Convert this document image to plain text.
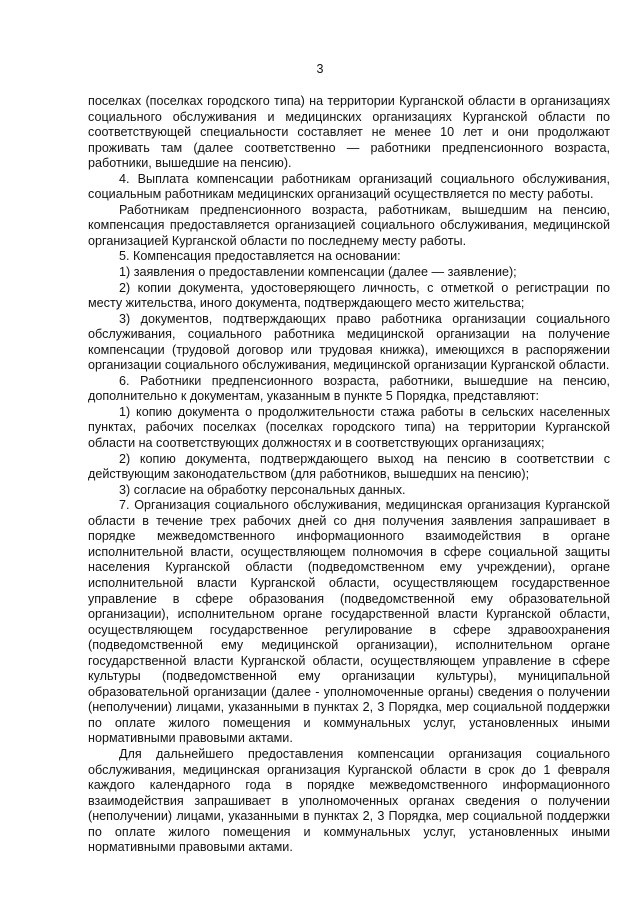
3

поселках (поселках городского типа) на территории Курганской области в организациях социального обслуживания и медицинских организациях Курганской области по соответствующей специальности составляет не менее 10 лет и они продолжают проживать там (далее соответственно — работники предпенсионного возраста, работники, вышедшие на пенсию).

4. Выплата компенсации работникам организаций социального обслуживания, социальным работникам медицинских организаций осуществляется по месту работы.

Работникам предпенсионного возраста, работникам, вышедшим на пенсию, компенсация предоставляется организацией социального обслуживания, медицинской организацией Курганской области по последнему месту работы.

5. Компенсация предоставляется на основании:

1) заявления о предоставлении компенсации (далее — заявление);

2) копии документа, удостоверяющего личность, с отметкой о регистрации по месту жительства, иного документа, подтверждающего место жительства;

3) документов, подтверждающих право работника организации социального обслуживания, социального работника медицинской организации на получение компенсации (трудовой договор или трудовая книжка), имеющихся в распоряжении организации социального обслуживания, медицинской организации Курганской области.

6. Работники предпенсионного возраста, работники, вышедшие на пенсию, дополнительно к документам, указанным в пункте 5 Порядка, представляют:

1) копию документа о продолжительности стажа работы в сельских населенных пунктах, рабочих поселках (поселках городского типа) на территории Курганской области на соответствующих должностях и в соответствующих организациях;

2) копию документа, подтверждающего выход на пенсию в соответствии с действующим законодательством (для работников, вышедших на пенсию);

3) согласие на обработку персональных данных.

7. Организация социального обслуживания, медицинская организация Курганской области в течение трех рабочих дней со дня получения заявления запрашивает в порядке межведомственного информационного взаимодействия в органе исполнительной власти, осуществляющем полномочия в сфере социальной защиты населения Курганской области (подведомственном ему учреждении), органе исполнительной власти Курганской области, осуществляющем государственное управление в сфере образования (подведомственной ему образовательной организации), исполнительном органе государственной власти Курганской области, осуществляющем государственное регулирование в сфере здравоохранения (подведомственной ему медицинской организации), исполнительном органе государственной власти Курганской области, осуществляющем управление в сфере культуры (подведомственной ему организации культуры), муниципальной образовательной организации (далее - уполномоченные органы) сведения о получении (неполучении) лицами, указанными в пунктах 2, 3 Порядка, мер социальной поддержки по оплате жилого помещения и коммунальных услуг, установленных иными нормативными правовыми актами.

Для дальнейшего предоставления компенсации организация социального обслуживания, медицинская организация Курганской области в срок до 1 февраля каждого календарного года в порядке межведомственного информационного взаимодействия запрашивает в уполномоченных органах сведения о получении (неполучении) лицами, указанными в пунктах 2, 3 Порядка, мер социальной поддержки по оплате жилого помещения и коммунальных услуг, установленных иными нормативными правовыми актами.
